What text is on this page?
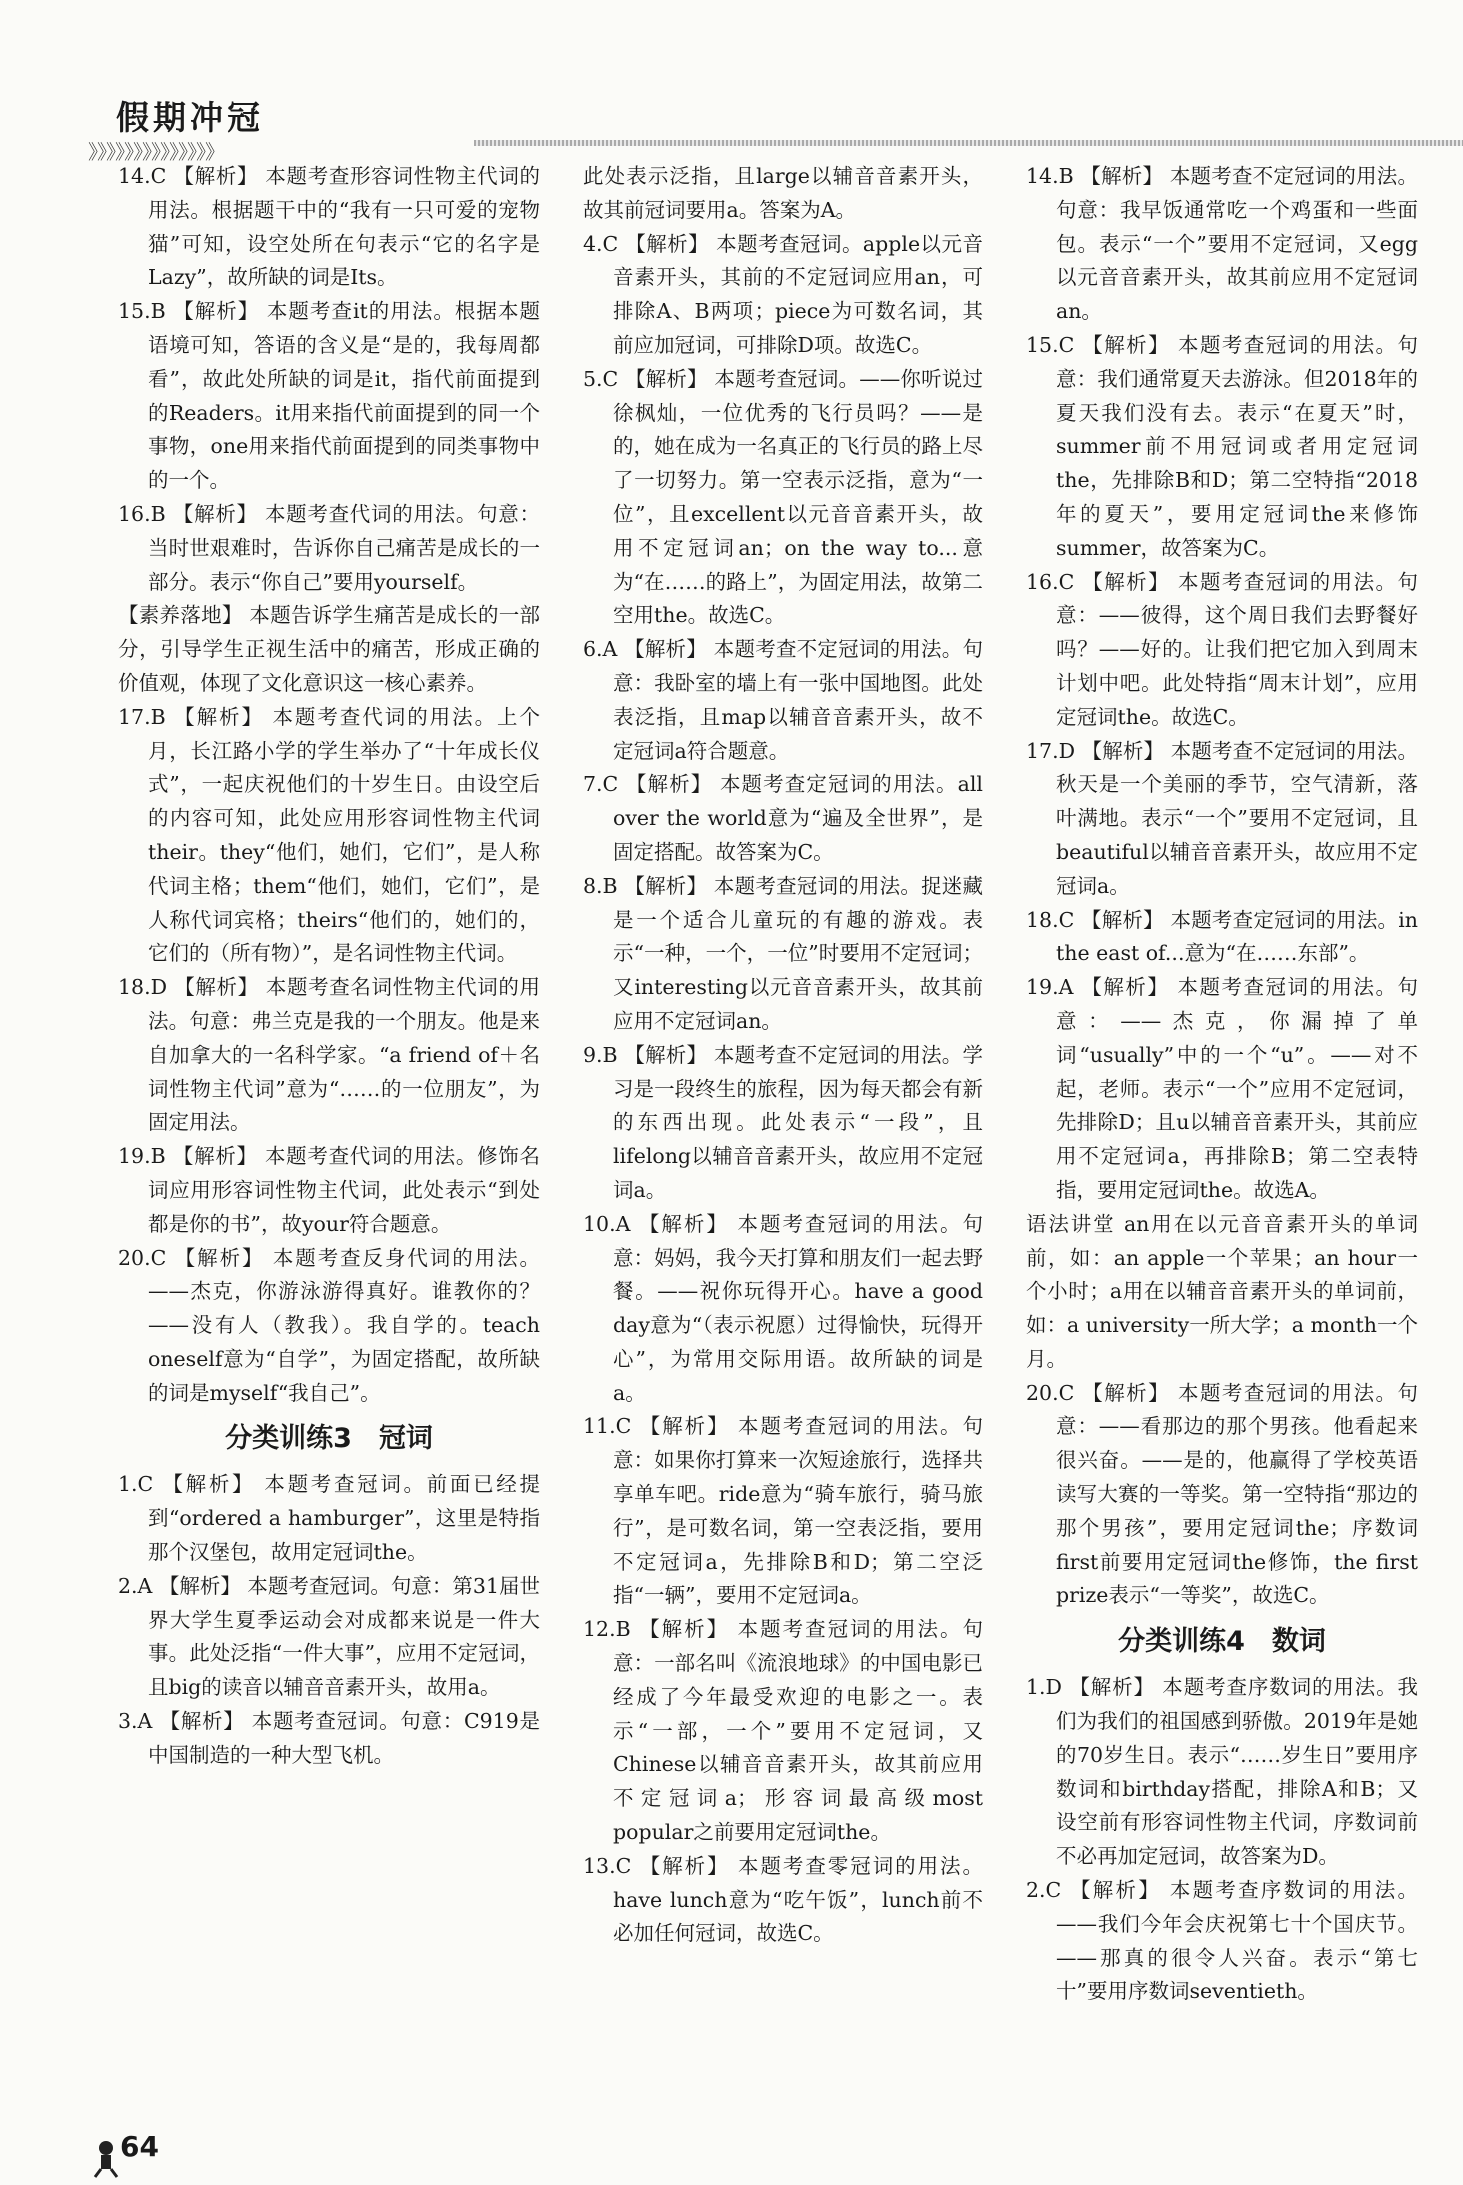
假期冲冠
》》》》》》》》》》》》》》

14.C 【解析】 本题考查形容词性物主代词的用法。根据题干中的“我有一只可爱的宠物猫”可知，设空处所在句表示“它的名字是Lazy”，故所缺的词是Its。

15.B 【解析】 本题考查it的用法。根据本题语境可知，答语的含义是“是的，我每周都看”，故此处所缺的词是it，指代前面提到的Readers。it用来指代前面提到的同一个事物，one用来指代前面提到的同类事物中的一个。

16.B 【解析】 本题考查代词的用法。句意：当时世艰难时，告诉你自己痛苦是成长的一部分。表示“你自己”要用yourself。

【素养落地】 本题告诉学生痛苦是成长的一部分，引导学生正视生活中的痛苦，形成正确的价值观，体现了文化意识这一核心素养。

17.B 【解析】 本题考查代词的用法。上个月，长江路小学的学生举办了“十年成长仪式”，一起庆祝他们的十岁生日。由设空后的内容可知，此处应用形容词性物主代词their。they“他们，她们，它们”，是人称代词主格；them“他们，她们，它们”，是人称代词宾格；theirs“他们的，她们的，它们的（所有物）”，是名词性物主代词。

18.D 【解析】 本题考查名词性物主代词的用法。句意：弗兰克是我的一个朋友。他是来自加拿大的一名科学家。“a friend of＋名词性物主代词”意为“……的一位朋友”，为固定用法。

19.B 【解析】 本题考查代词的用法。修饰名词应用形容词性物主代词，此处表示“到处都是你的书”，故your符合题意。

20.C 【解析】 本题考查反身代词的用法。——杰克，你游泳游得真好。谁教你的？——没有人（教我）。我自学的。teach oneself意为“自学”，为固定搭配，故所缺的词是myself“我自己”。

分类训练3　冠词

1.C 【解析】 本题考查冠词。前面已经提到“ordered a hamburger”，这里是特指那个汉堡包，故用定冠词the。

2.A 【解析】 本题考查冠词。句意：第31届世界大学生夏季运动会对成都来说是一件大事。此处泛指“一件大事”，应用不定冠词，且big的读音以辅音音素开头，故用a。

3.A 【解析】 本题考查冠词。句意：C919是中国制造的一种大型飞机。

此处表示泛指，且large以辅音音素开头，故其前冠词要用a。答案为A。

4.C 【解析】 本题考查冠词。apple以元音音素开头，其前的不定冠词应用an，可排除A、B两项；piece为可数名词，其前应加冠词，可排除D项。故选C。

5.C 【解析】 本题考查冠词。——你听说过徐枫灿，一位优秀的飞行员吗？——是的，她在成为一名真正的飞行员的路上尽了一切努力。第一空表示泛指，意为“一位”，且excellent以元音音素开头，故用不定冠词an；on the way to...意为“在……的路上”，为固定用法，故第二空用the。故选C。

6.A 【解析】 本题考查不定冠词的用法。句意：我卧室的墙上有一张中国地图。此处表泛指，且map以辅音音素开头，故不定冠词a符合题意。

7.C 【解析】 本题考查定冠词的用法。all over the world意为“遍及全世界”，是固定搭配。故答案为C。

8.B 【解析】 本题考查冠词的用法。捉迷藏是一个适合儿童玩的有趣的游戏。表示“一种，一个，一位”时要用不定冠词；又interesting以元音音素开头，故其前应用不定冠词an。

9.B 【解析】 本题考查不定冠词的用法。学习是一段终生的旅程，因为每天都会有新的东西出现。此处表示“一段”，且lifelong以辅音音素开头，故应用不定冠词a。

10.A 【解析】 本题考查冠词的用法。句意：妈妈，我今天打算和朋友们一起去野餐。——祝你玩得开心。have a good day意为“（表示祝愿）过得愉快，玩得开心”，为常用交际用语。故所缺的词是a。

11.C 【解析】 本题考查冠词的用法。句意：如果你打算来一次短途旅行，选择共享单车吧。ride意为“骑车旅行，骑马旅行”，是可数名词，第一空表泛指，要用不定冠词a，先排除B和D；第二空泛指“一辆”，要用不定冠词a。

12.B 【解析】 本题考查冠词的用法。句意：一部名叫《流浪地球》的中国电影已经成了今年最受欢迎的电影之一。表示“一部，一个”要用不定冠词，又Chinese以辅音音素开头，故其前应用不定冠词a；形容词最高级most popular之前要用定冠词the。

13.C 【解析】 本题考查零冠词的用法。have lunch意为“吃午饭”，lunch前不必加任何冠词，故选C。

14.B 【解析】 本题考查不定冠词的用法。句意：我早饭通常吃一个鸡蛋和一些面包。表示“一个”要用不定冠词，又egg以元音音素开头，故其前应用不定冠词an。

15.C 【解析】 本题考查冠词的用法。句意：我们通常夏天去游泳。但2018年的夏天我们没有去。表示“在夏天”时，summer前不用冠词或者用定冠词the，先排除B和D；第二空特指“2018年的夏天”，要用定冠词the来修饰summer，故答案为C。

16.C 【解析】 本题考查冠词的用法。句意：——彼得，这个周日我们去野餐好吗？——好的。让我们把它加入到周末计划中吧。此处特指“周末计划”，应用定冠词the。故选C。

17.D 【解析】 本题考查不定冠词的用法。秋天是一个美丽的季节，空气清新，落叶满地。表示“一个”要用不定冠词，且beautiful以辅音音素开头，故应用不定冠词a。

18.C 【解析】 本题考查定冠词的用法。in the east of...意为“在……东部”。

19.A 【解析】 本题考查冠词的用法。句意：——杰克，你漏掉了单词“usually”中的一个“u”。——对不起，老师。表示“一个”应用不定冠词，先排除D；且u以辅音音素开头，其前应用不定冠词a，再排除B；第二空表特指，要用定冠词the。故选A。

语法讲堂 an用在以元音音素开头的单词前，如：an apple一个苹果；an hour一个小时；a用在以辅音音素开头的单词前，如：a university一所大学；a month一个月。

20.C 【解析】 本题考查冠词的用法。句意：——看那边的那个男孩。他看起来很兴奋。——是的，他赢得了学校英语读写大赛的一等奖。第一空特指“那边的那个男孩”，要用定冠词the；序数词first前要用定冠词the修饰，the first prize表示“一等奖”，故选C。

分类训练4　数词

1.D 【解析】 本题考查序数词的用法。我们为我们的祖国感到骄傲。2019年是她的70岁生日。表示“……岁生日”要用序数词和birthday搭配，排除A和B；又设空前有形容词性物主代词，序数词前不必再加定冠词，故答案为D。

2.C 【解析】 本题考查序数词的用法。——我们今年会庆祝第七十个国庆节。——那真的很令人兴奋。表示“第七十”要用序数词seventieth。

64
